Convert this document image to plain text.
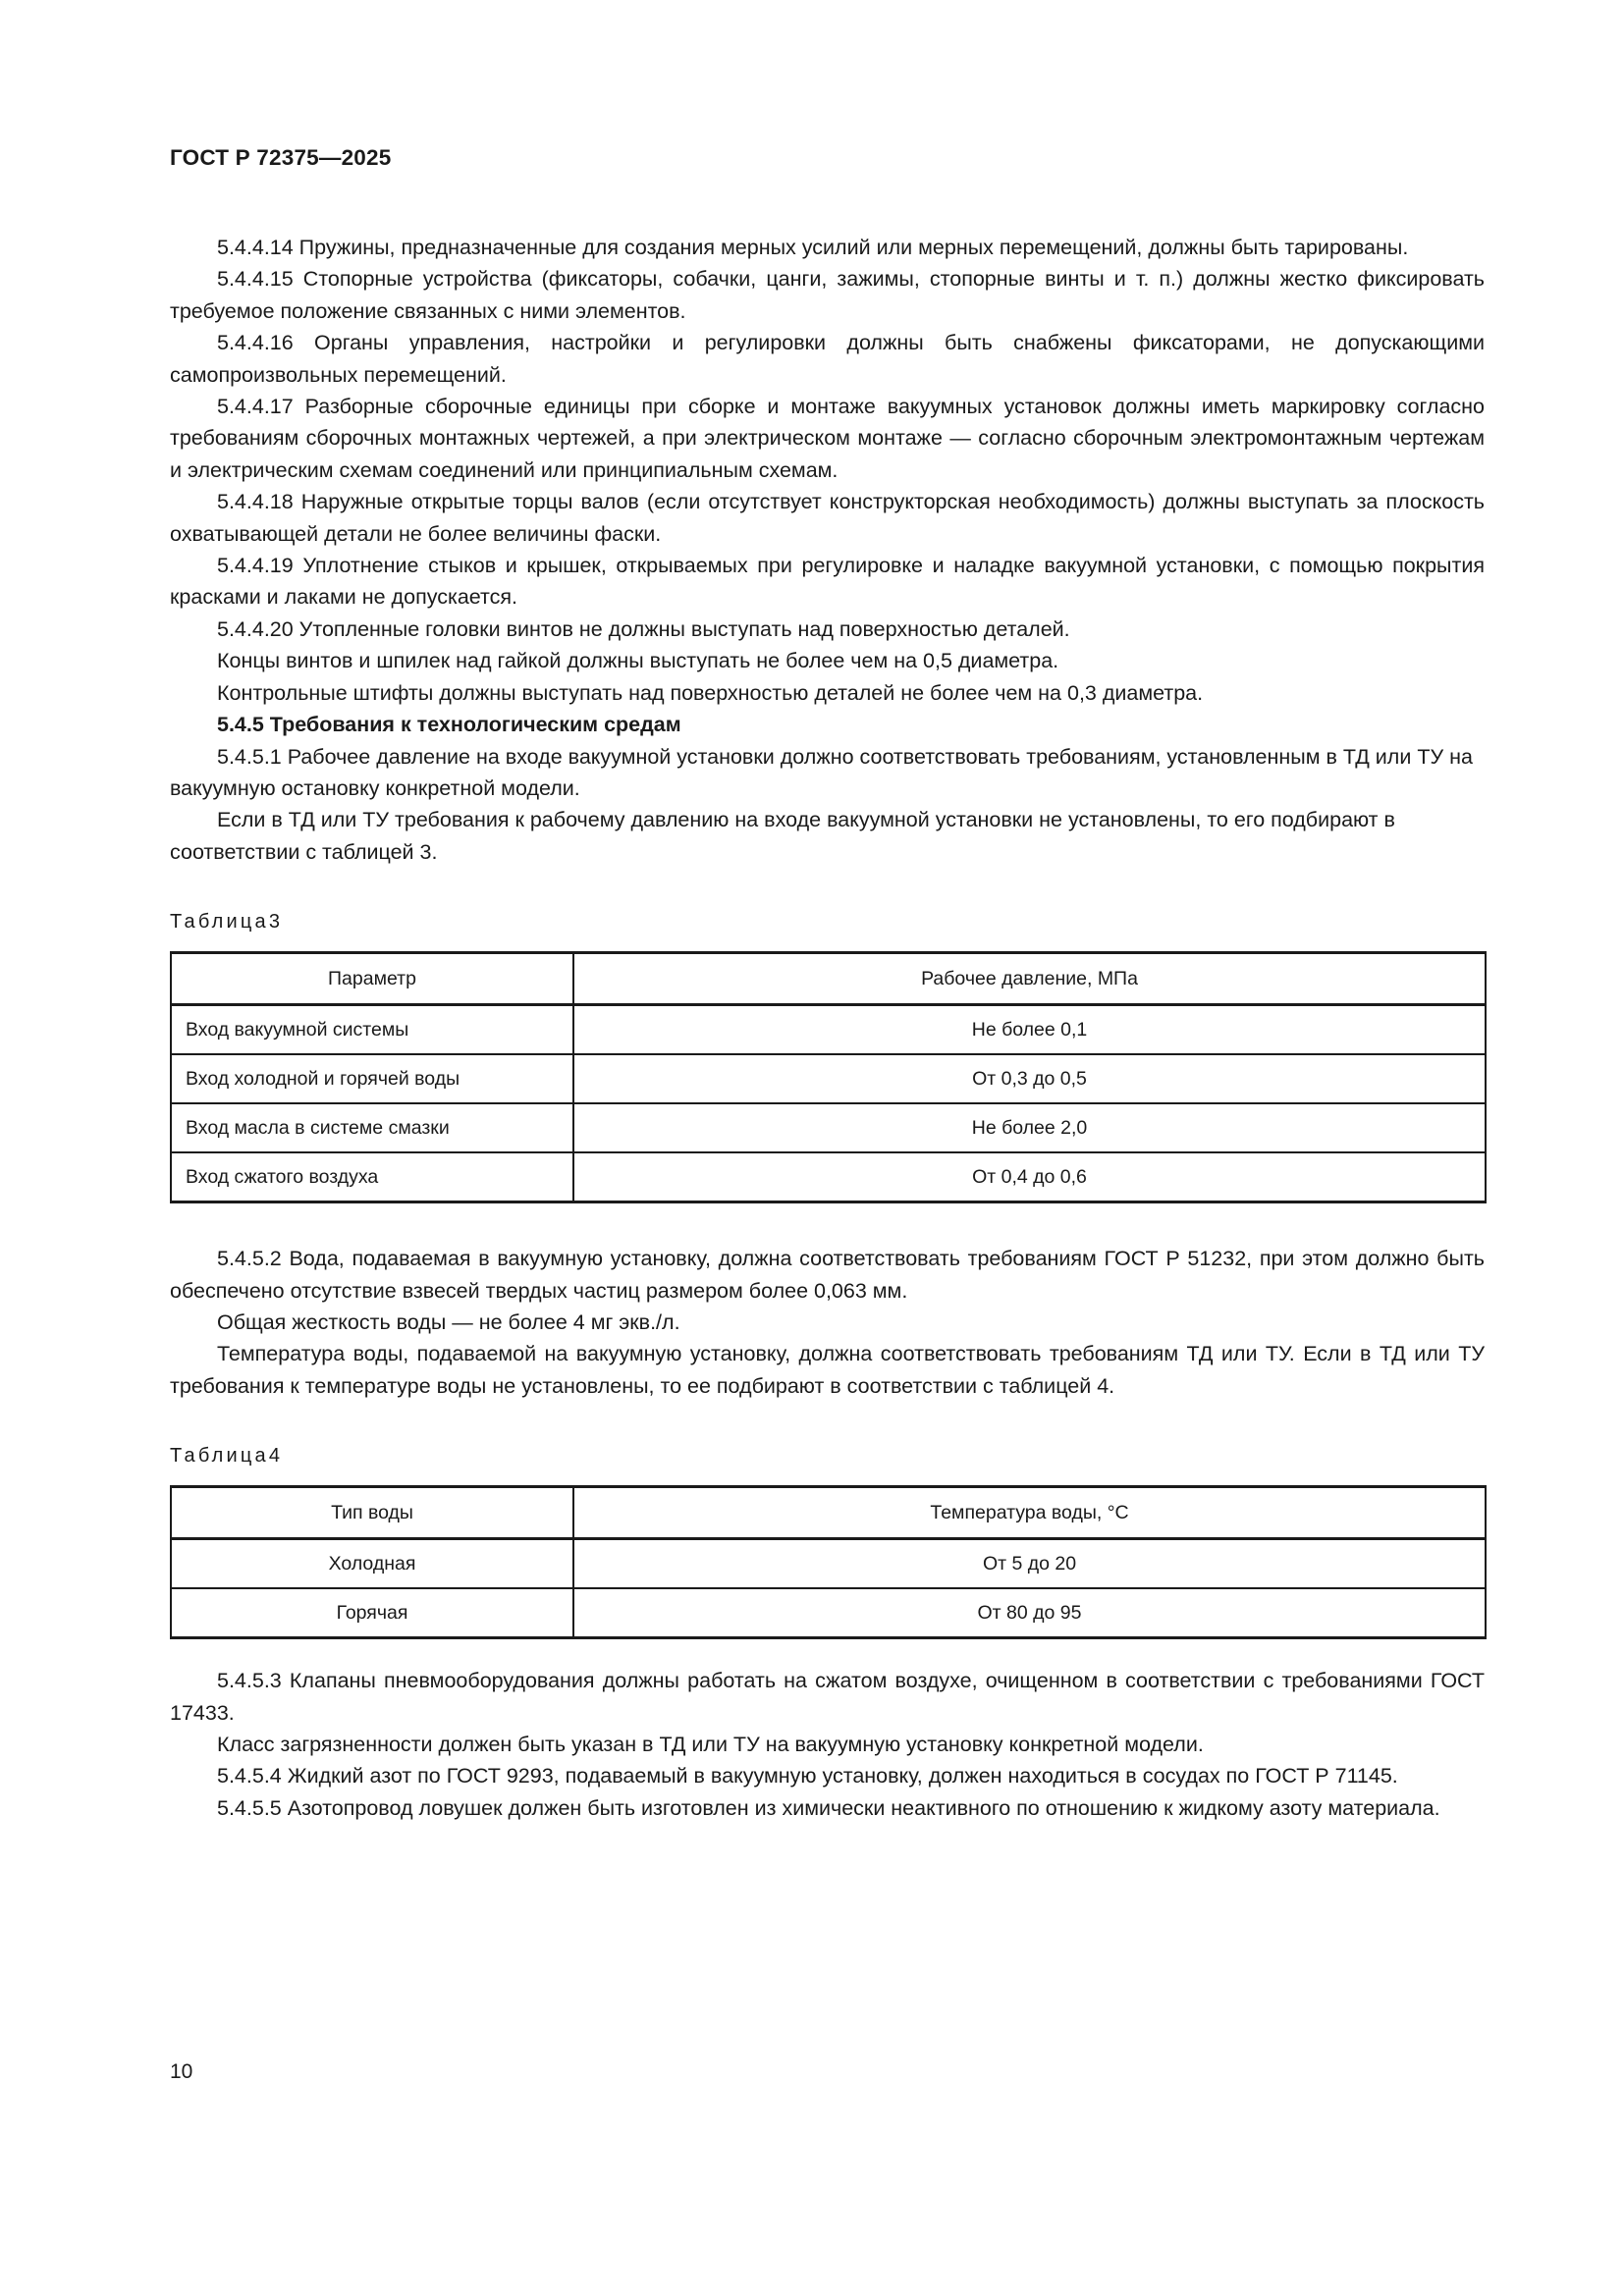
ГОСТ Р 72375—2025

5.4.4.14 Пружины, предназначенные для создания мерных усилий или мерных перемещений, должны быть тарированы.

5.4.4.15 Стопорные устройства (фиксаторы, собачки, цанги, зажимы, стопорные винты и т. п.) должны жестко фиксировать требуемое положение связанных с ними элементов.

5.4.4.16 Органы управления, настройки и регулировки должны быть снабжены фиксаторами, не допускающими самопроизвольных перемещений.

5.4.4.17 Разборные сборочные единицы при сборке и монтаже вакуумных установок должны иметь маркировку согласно требованиям сборочных монтажных чертежей, а при электрическом монтаже — согласно сборочным электромонтажным чертежам и электрическим схемам соединений или принципиальным схемам.

5.4.4.18 Наружные открытые торцы валов (если отсутствует конструкторская необходимость) должны выступать за плоскость охватывающей детали не более величины фаски.

5.4.4.19 Уплотнение стыков и крышек, открываемых при регулировке и наладке вакуумной установки, с помощью покрытия красками и лаками не допускается.

5.4.4.20 Утопленные головки винтов не должны выступать над поверхностью деталей.

Концы винтов и шпилек над гайкой должны выступать не более чем на 0,5 диаметра.

Контрольные штифты должны выступать над поверхностью деталей не более чем на 0,3 диаметра.

5.4.5 Требования к технологическим средам

5.4.5.1 Рабочее давление на входе вакуумной установки должно соответствовать требованиям, установленным в ТД или ТУ на вакуумную остановку конкретной модели.

Если в ТД или ТУ требования к рабочему давлению на входе вакуумной установки не установлены, то его подбирают в соответствии с таблицей 3.

Таблица3
Параметр	Рабочее давление, МПа
Вход вакуумной системы	Не более 0,1
Вход холодной и горячей воды	От 0,3 до 0,5
Вход масла в системе смазки	Не более 2,0
Вход сжатого воздуха	От 0,4 до 0,6

5.4.5.2 Вода, подаваемая в вакуумную установку, должна соответствовать требованиям ГОСТ Р 51232, при этом должно быть обеспечено отсутствие взвесей твердых частиц размером более 0,063 мм.

Общая жесткость воды — не более 4 мг экв./л.

Температура воды, подаваемой на вакуумную установку, должна соответствовать требованиям ТД или ТУ. Если в ТД или ТУ требования к температуре воды не установлены, то ее подбирают в соответствии с таблицей 4.

Таблица4
Тип воды	Температура воды, °C
Холодная	От 5 до 20
Горячая	От 80 до 95

5.4.5.3 Клапаны пневмооборудования должны работать на сжатом воздухе, очищенном в соответствии с требованиями ГОСТ 17433.

Класс загрязненности должен быть указан в ТД или ТУ на вакуумную установку конкретной модели.

5.4.5.4 Жидкий азот по ГОСТ 9293, подаваемый в вакуумную установку, должен находиться в сосудах по ГОСТ Р 71145.

5.4.5.5 Азотопровод ловушек должен быть изготовлен из химически неактивного по отношению к жидкому азоту материала.

10
